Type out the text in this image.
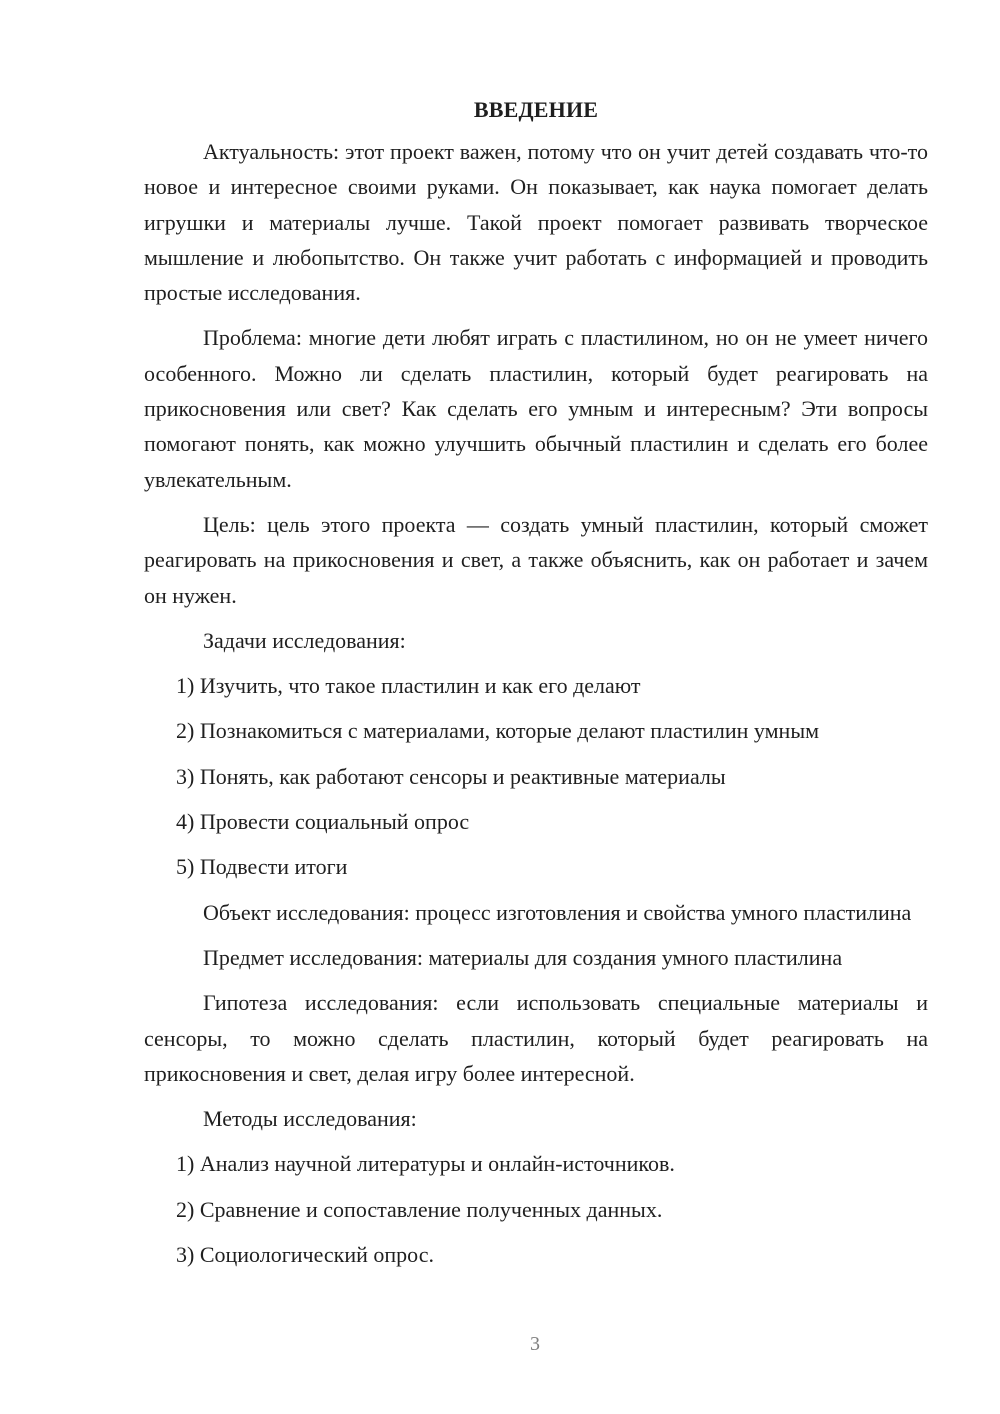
ВВЕДЕНИЕ

Актуальность: этот проект важен, потому что он учит детей создавать что-то новое и интересное своими руками. Он показывает, как наука помогает делать игрушки и материалы лучше. Такой проект помогает развивать творческое мышление и любопытство. Он также учит работать с информацией и проводить простые исследования.

Проблема: многие дети любят играть с пластилином, но он не умеет ничего особенного. Можно ли сделать пластилин, который будет реагировать на прикосновения или свет? Как сделать его умным и интересным? Эти вопросы помогают понять, как можно улучшить обычный пластилин и сделать его более увлекательным.

Цель: цель этого проекта — создать умный пластилин, который сможет реагировать на прикосновения и свет, а также объяснить, как он работает и зачем он нужен.

Задачи исследования:

1) Изучить, что такое пластилин и как его делают
2) Познакомиться с материалами, которые делают пластилин умным
3) Понять, как работают сенсоры и реактивные материалы
4) Провести социальный опрос
5) Подвести итоги

Объект исследования: процесс изготовления и свойства умного пластилина

Предмет исследования: материалы для создания умного пластилина

Гипотеза исследования: если использовать специальные материалы и сенсоры, то можно сделать пластилин, который будет реагировать на прикосновения и свет, делая игру более интересной.

Методы исследования:

1) Анализ научной литературы и онлайн-источников.
2) Сравнение и сопоставление полученных данных.
3) Социологический опрос.
3
